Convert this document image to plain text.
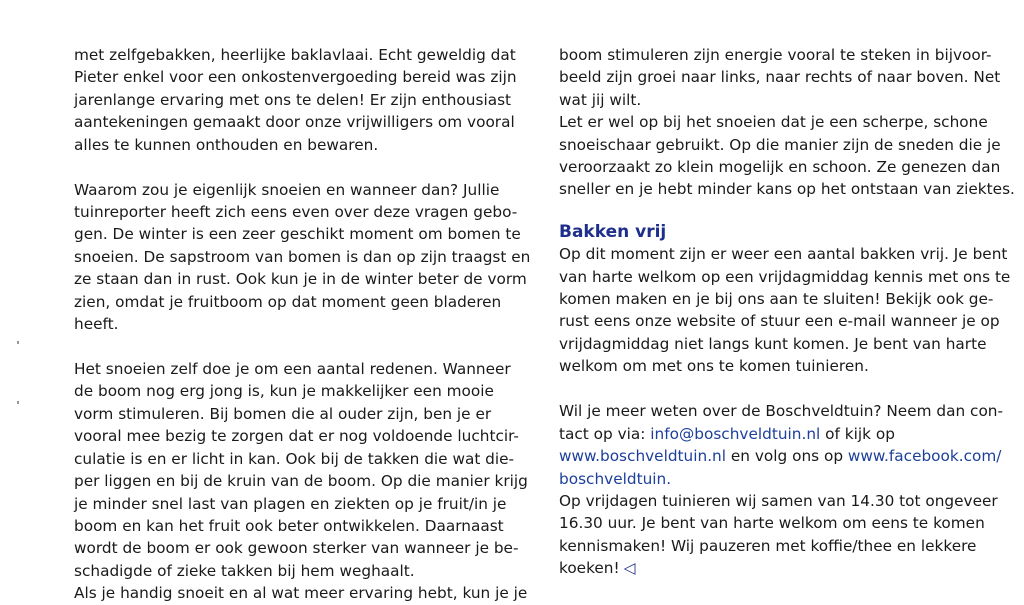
met zelfgebakken, heerlijke baklavlaai. Echt geweldig dat
Pieter enkel voor een onkostenvergoeding bereid was zijn
jarenlange ervaring met ons te delen! Er zijn enthousiast
aantekeningen gemaakt door onze vrijwilligers om vooral
alles te kunnen onthouden en bewaren.
Waarom zou je eigenlijk snoeien en wanneer dan? Jullie
tuinreporter heeft zich eens even over deze vragen gebo-
gen. De winter is een zeer geschikt moment om bomen te
snoeien. De sapstroom van bomen is dan op zijn traagst en
ze staan dan in rust. Ook kun je in de winter beter de vorm
zien, omdat je fruitboom op dat moment geen bladeren
heeft.
Het snoeien zelf doe je om een aantal redenen. Wanneer
de boom nog erg jong is, kun je makkelijker een mooie
vorm stimuleren. Bij bomen die al ouder zijn, ben je er
vooral mee bezig te zorgen dat er nog voldoende luchtcir-
culatie is en er licht in kan. Ook bij de takken die wat die-
per liggen en bij de kruin van de boom. Op die manier krijg
je minder snel last van plagen en ziekten op je fruit/in je
boom en kan het fruit ook beter ontwikkelen. Daarnaast
wordt de boom er ook gewoon sterker van wanneer je be-
schadigde of zieke takken bij hem weghaalt.
Als je handig snoeit en al wat meer ervaring hebt, kun je je
boom stimuleren zijn energie vooral te steken in bijvoor-
beeld zijn groei naar links, naar rechts of naar boven. Net
wat jij wilt.
Let er wel op bij het snoeien dat je een scherpe, schone
snoeischaar gebruikt. Op die manier zijn de sneden die je
veroorzaakt zo klein mogelijk en schoon. Ze genezen dan
sneller en je hebt minder kans op het ontstaan van ziektes.
Bakken vrij
Op dit moment zijn er weer een aantal bakken vrij. Je bent
van harte welkom op een vrijdagmiddag kennis met ons te
komen maken en je bij ons aan te sluiten! Bekijk ook ge-
rust eens onze website of stuur een e-mail wanneer je op
vrijdagmiddag niet langs kunt komen. Je bent van harte
welkom om met ons te komen tuinieren.
Wil je meer weten over de Boschveldtuin? Neem dan con-
tact op via: info@boschveldtuin.nl of kijk op
www.boschveldtuin.nl en volg ons op www.facebook.com/
boschveldtuin.
Op vrijdagen tuinieren wij samen van 14.30 tot ongeveer
16.30 uur. Je bent van harte welkom om eens te komen
kennismaken! Wij pauzeren met koffie/thee en lekkere
koeken! ◁
